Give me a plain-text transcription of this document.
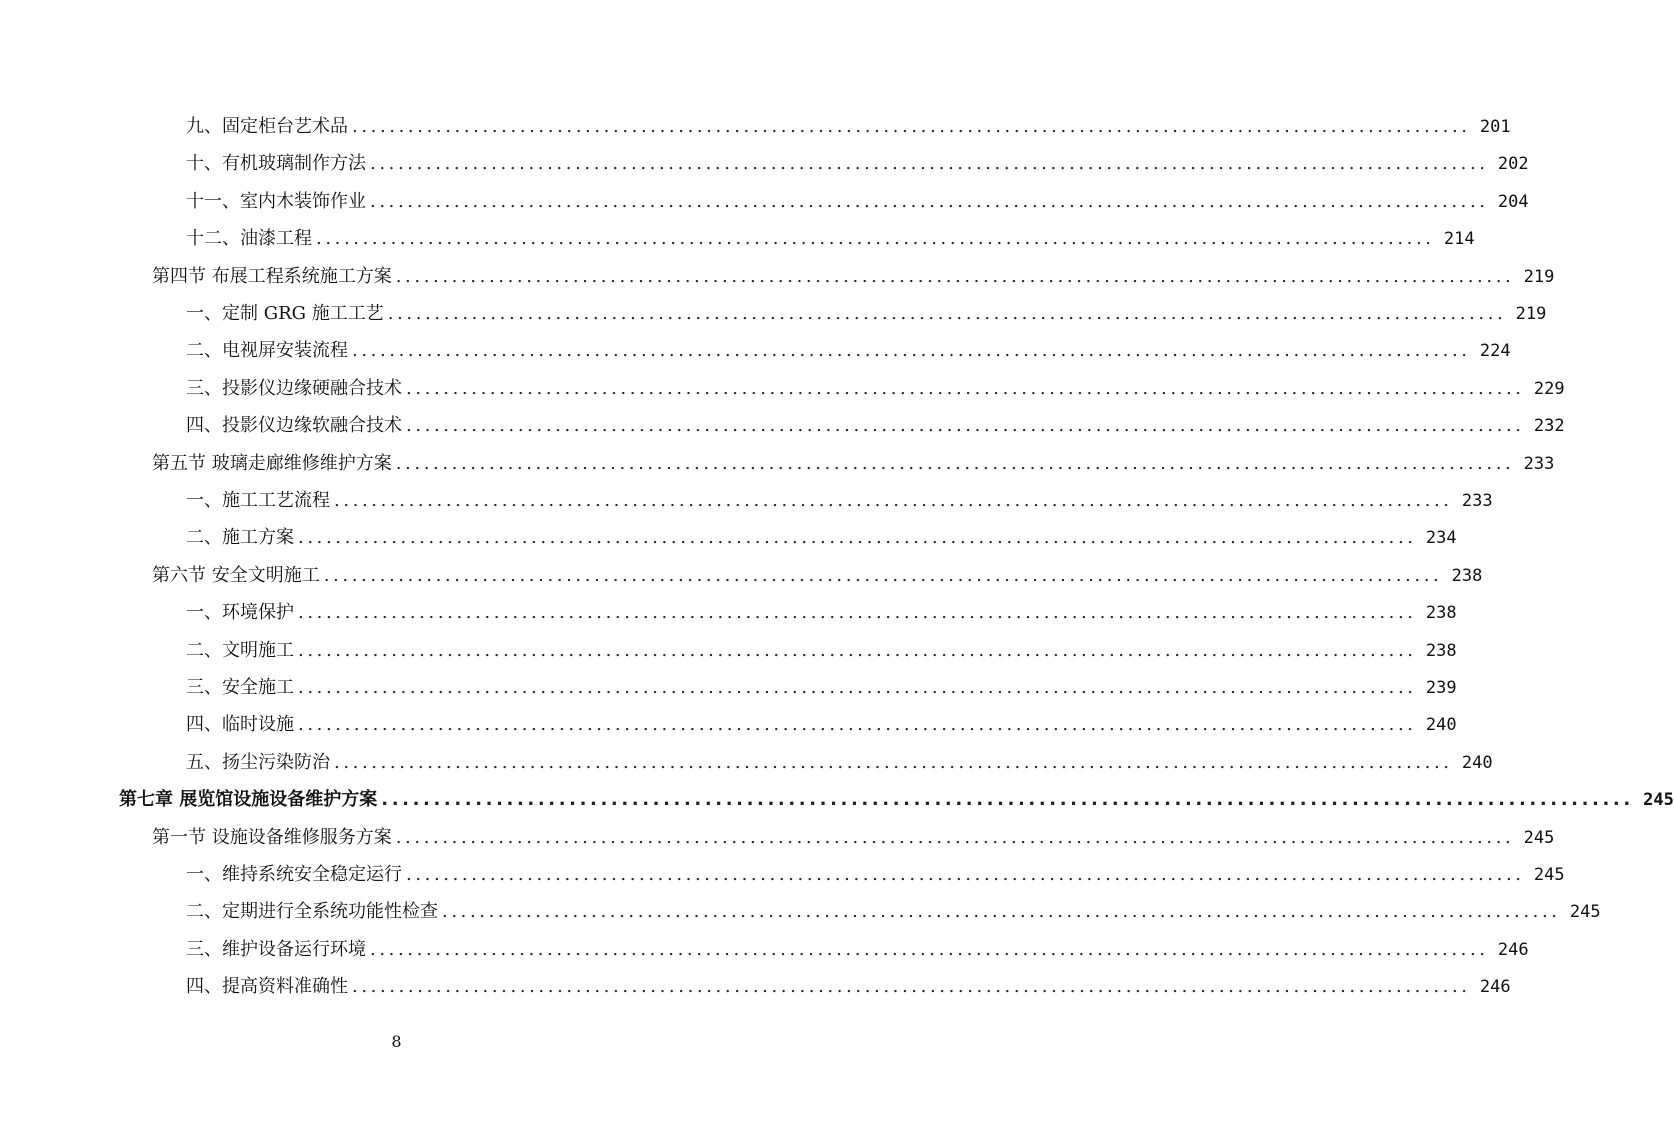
九、固定柜台艺术品 ........................................................................................................................ 201
十、有机玻璃制作方法 ........................................................................................................................ 202
十一、室内木装饰作业 ........................................................................................................................ 204
十二、油漆工程 ........................................................................................................................ 214
第四节 布展工程系统施工方案 ........................................................................................................................ 219
一、定制 GRG 施工工艺 ........................................................................................................................ 219
二、电视屏安装流程 ........................................................................................................................ 224
三、投影仪边缘硬融合技术 ........................................................................................................................ 229
四、投影仪边缘软融合技术 ........................................................................................................................ 232
第五节 玻璃走廊维修维护方案 ........................................................................................................................ 233
一、施工工艺流程 ........................................................................................................................ 233
二、施工方案 ........................................................................................................................ 234
第六节 安全文明施工 ........................................................................................................................ 238
一、环境保护 ........................................................................................................................ 238
二、文明施工 ........................................................................................................................ 238
三、安全施工 ........................................................................................................................ 239
四、临时设施 ........................................................................................................................ 240
五、扬尘污染防治 ........................................................................................................................ 240
第七章 展览馆设施设备维护方案 ........................................................................................................................ 245
第一节 设施设备维修服务方案 ........................................................................................................................ 245
一、维持系统安全稳定运行 ........................................................................................................................ 245
二、定期进行全系统功能性检查 ........................................................................................................................ 245
三、维护设备运行环境 ........................................................................................................................ 246
四、提高资料准确性 ........................................................................................................................ 246
8
